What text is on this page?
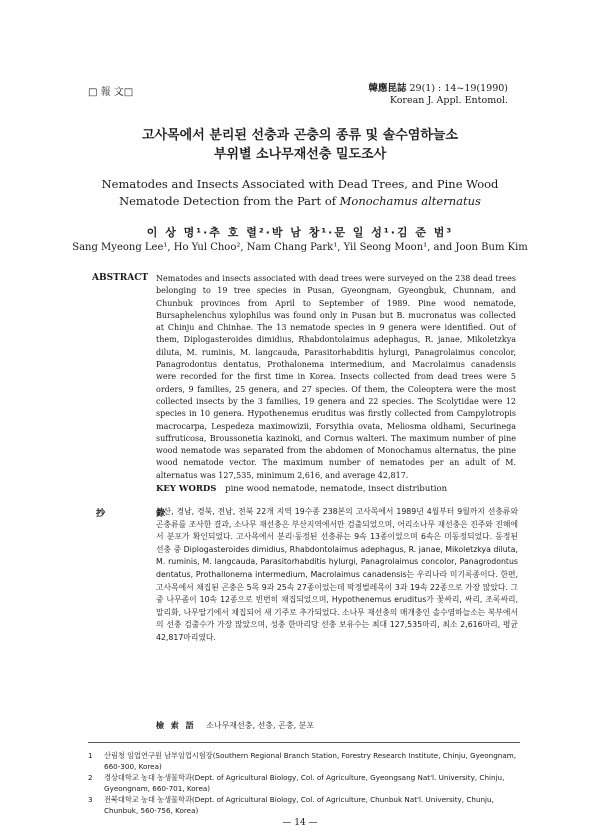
□ 報 文□	韓應昆誌 29(1) : 14~19(1990)
Korean J. Appl. Entomol.
고사목에서 분리된 선충과 곤충의 종류 및 솔수염하늘소
부위별 소나무재선충 밀도조사
Nematodes and Insects Associated with Dead Trees, and Pine Wood
Nematode Detection from the Part of Monochamus alternatus
이 상 명¹·추 호 렬²·박 남 창¹·문 일 성¹·김 준 범³
Sang Myeong Lee¹, Ho Yul Choo², Nam Chang Park¹, Yil Seong Moon¹, and Joon Bum Kim
ABSTRACT Nematodes and insects associated with dead trees were surveyed on the 238 dead trees belonging to 19 tree species in Pusan, Gyeongnam, Gyeongbuk, Chunnam, and Chunbuk provinces from April to September of 1989. Pine wood nematode, Bursaphelenchus xylophilus was found only in Pusan but B. mucronatus was collected at Chinju and Chinhae. The 13 nematode species in 9 genera were identified. Out of them, Diplogasteroides dimidius, Rhabdontolaimus adephagus, R. janae, Mikoletzkya diluta, M. ruminis, M. langcauda, Parasitorhabditis hylurgi, Panagrolaimus concolor, Panagrodontus dentatus, Prothalonema intermedium, and Macrolaimus canadensis were recorded for the first time in Korea. Insects collected from dead trees were 5 orders, 9 families, 25 genera, and 27 species. Of them, the Coleoptera were the most collected insects by the 3 families, 19 genera and 22 species. The Scolytidae were 12 species in 10 genera. Hypothenemus eruditus was firstly collected from Campylotropis macrocarpa, Lespedeza maximowizii, Forsythia ovata, Meliosma oldhami, Securinega suffruticosa, Broussonetia kazinoki, and Cornus walteri. The maximum number of pine wood nematode was separated from the abdomen of Monochamus alternatus, the pine wood nematode vector. The maximum number of nematodes per an adult of M. alternatus was 127,535, minimum 2,616, and average 42,817.
KEY WORDS pine wood nematode, nematode, insect distribution
抄 錄
부산, 경남, 경북, 전남, 전북 22개 지역 19수종 238본의 고사목에서 1989년 4월부터 9월까지 선충류와 곤충류를 조사한 결과, 소나무 재선충은 부산지역에서만 검출되었으며, 어리소나무 재선충은 진주와 진해에서 분포가 확인되었다. 고사목에서 분리·동정된 선충류는 9속 13종이었으며 6속은 미동정되었다. 동정된 선충 중 Diplogasteroides dimidius, Rhabdontolaimus adephagus, R. janae, Mikoletzkya diluta, M. ruminis, M. langcauda, Parasitorhabditis hylurgi, Panagrolaimus concolor, Panagrodontus dentatus, Prothallonema intermedium, Macrolaimus canadensis는 우리나라 미기록종이다. 한편, 고사목에서 채집된 곤충은 5목 9과 25속 27종이었는데 딱정벌레목이 3과 19속 22종으로 가장 많았다. 그중 나무좀이 10속 12종으로 빈번히 채집되었으며, Hypothenemus eruditus가 꽃싸리, 싸리, 조록싸리, 말리화, 나무딸기에서 채집되어 새 기주로 추가되었다. 소나무 재선충의 매개충인 솔수염하늘소는 복부에서의 선충 검출수가 가장 많았으며, 성충 한마리당 선충 보유수는 최대 127,535마리, 최소 2,616마리, 평균 42,817마리였다.
檢 索 語 소나무재선충, 선충, 곤충, 분포
1 산림청 임업연구원 남부임업시험장(Southern Regional Branch Station, Forestry Research Institute, Chinju, Gyeongnam,
660-300, Korea)
2 경상대학교 농대 농생물학과(Dept. of Agricultural Biology, Col. of Agriculture, Gyeongsang Nat'l. University, Chinju,
Gyeongnam, 660-701, Korea)
3 전북대학교 농대 농생물학과(Dept. of Agricultural Biology, Col. of Agriculture, Chunbuk Nat'l. University, Chunju,
Chunbuk, 560-756, Korea)
— 14 —
